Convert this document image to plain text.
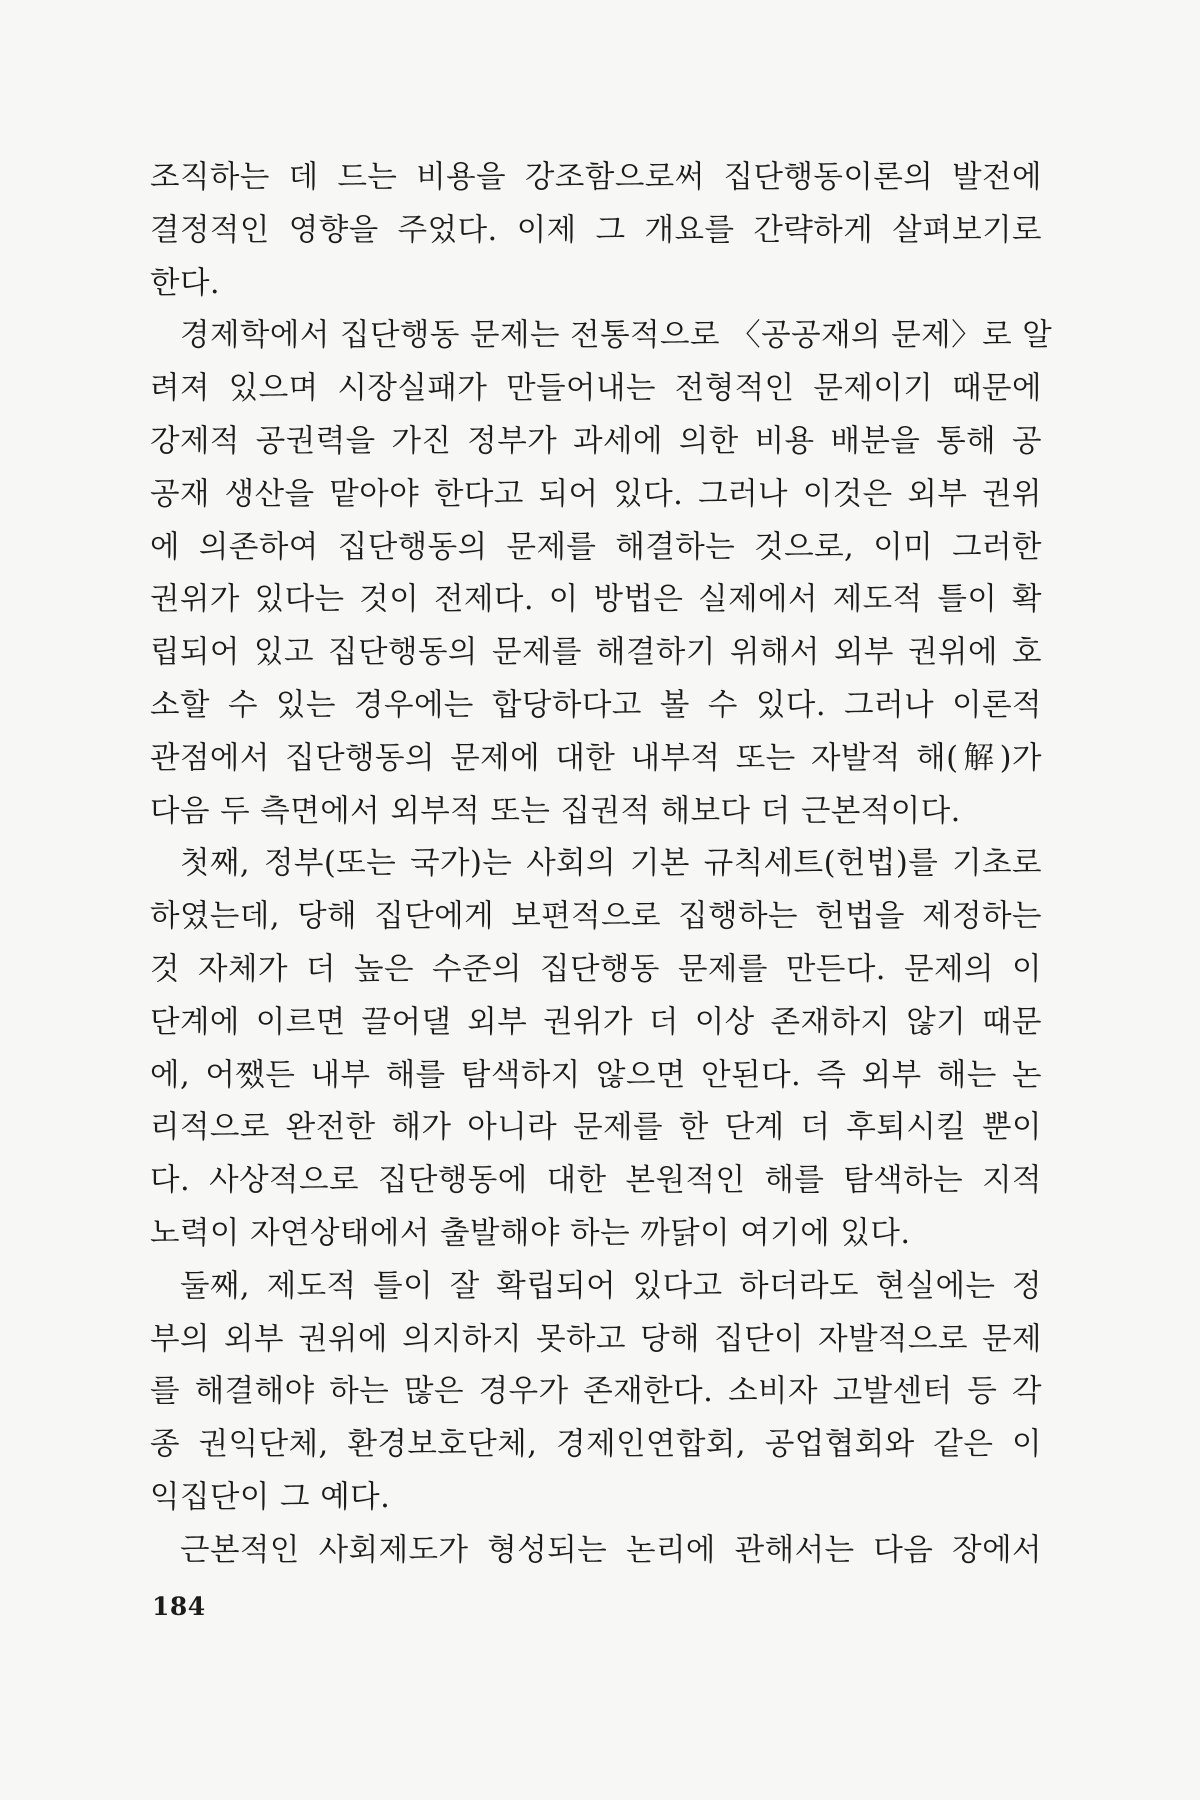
조직하는 데 드는 비용을 강조함으로써 집단행동이론의 발전에
결정적인 영향을 주었다. 이제 그 개요를 간략하게 살펴보기로
한다.

경제학에서 집단행동 문제는 전통적으로 〈공공재의 문제〉로 알
려져 있으며 시장실패가 만들어내는 전형적인 문제이기 때문에
강제적 공권력을 가진 정부가 과세에 의한 비용 배분을 통해 공
공재 생산을 맡아야 한다고 되어 있다. 그러나 이것은 외부 권위
에 의존하여 집단행동의 문제를 해결하는 것으로, 이미 그러한
권위가 있다는 것이 전제다. 이 방법은 실제에서 제도적 틀이 확
립되어 있고 집단행동의 문제를 해결하기 위해서 외부 권위에 호
소할 수 있는 경우에는 합당하다고 볼 수 있다. 그러나 이론적
관점에서 집단행동의 문제에 대한 내부적 또는 자발적 해(解)가
다음 두 측면에서 외부적 또는 집권적 해보다 더 근본적이다.

첫째, 정부(또는 국가)는 사회의 기본 규칙세트(헌법)를 기초로
하였는데, 당해 집단에게 보편적으로 집행하는 헌법을 제정하는
것 자체가 더 높은 수준의 집단행동 문제를 만든다. 문제의 이
단계에 이르면 끌어댈 외부 권위가 더 이상 존재하지 않기 때문
에, 어쨌든 내부 해를 탐색하지 않으면 안된다. 즉 외부 해는 논
리적으로 완전한 해가 아니라 문제를 한 단계 더 후퇴시킬 뿐이
다. 사상적으로 집단행동에 대한 본원적인 해를 탐색하는 지적
노력이 자연상태에서 출발해야 하는 까닭이 여기에 있다.

둘째, 제도적 틀이 잘 확립되어 있다고 하더라도 현실에는 정
부의 외부 권위에 의지하지 못하고 당해 집단이 자발적으로 문제
를 해결해야 하는 많은 경우가 존재한다. 소비자 고발센터 등 각
종 권익단체, 환경보호단체, 경제인연합회, 공업협회와 같은 이
익집단이 그 예다.

근본적인 사회제도가 형성되는 논리에 관해서는 다음 장에서

184
